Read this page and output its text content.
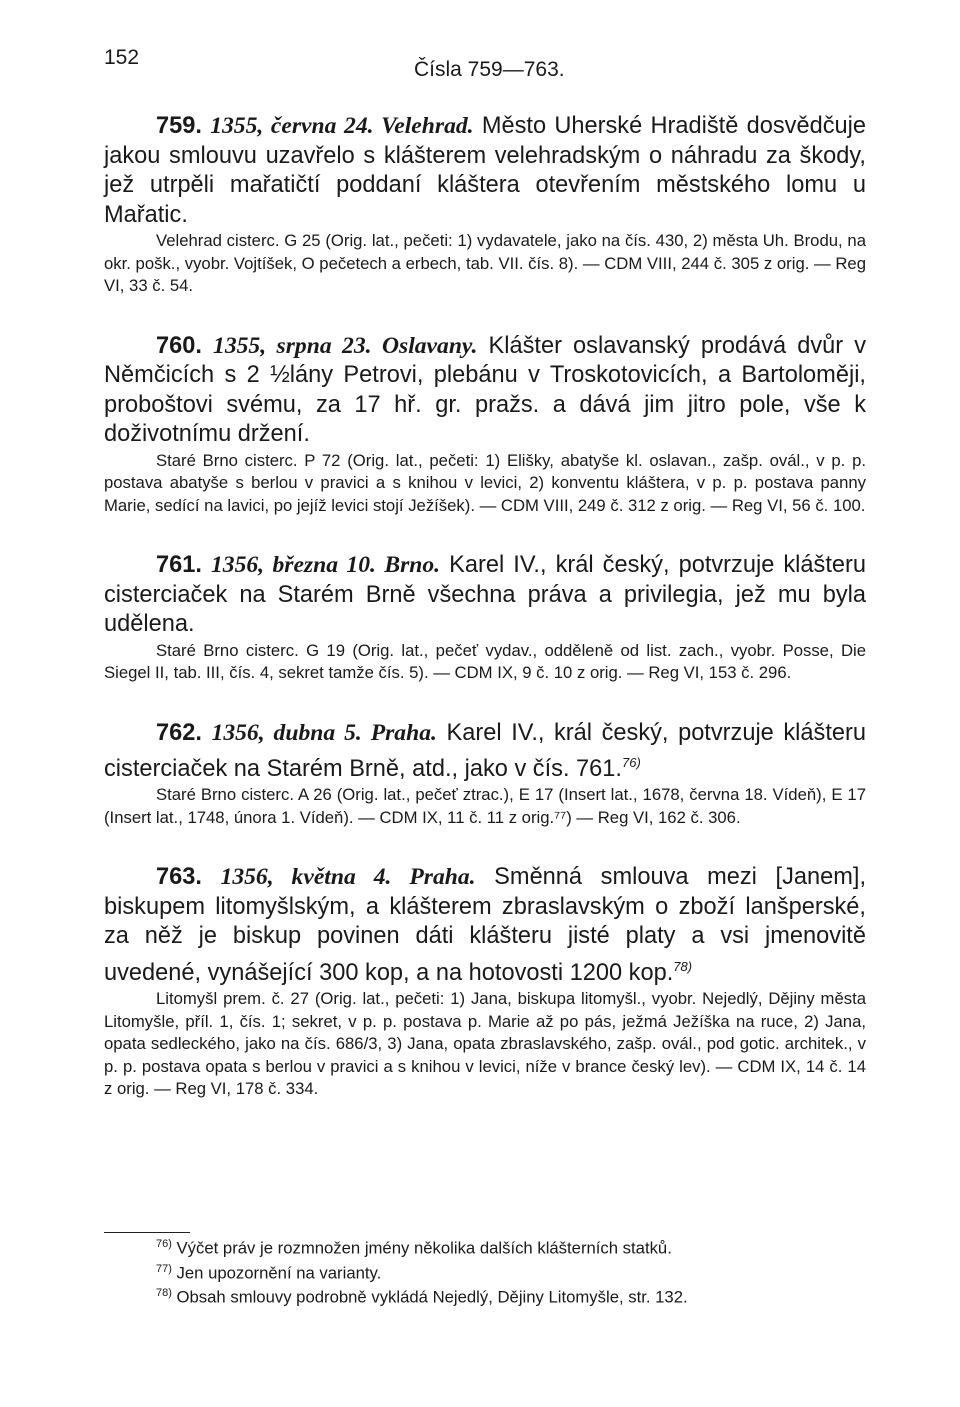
152
Čísla 759—763.

759. 1355, června 24. Velehrad. Město Uherské Hradiště dosvědčuje jakou smlouvu uzavřelo s klášterem velehradským o náhradu za škody, jež utrpěli mařatičtí poddaní kláštera otevřením městského lomu u Mařatic.

Velehrad cisterc. G 25 (Orig. lat., pečeti: 1) vydavatele, jako na čís. 430, 2) města Uh. Brodu, na okr. pošk., vyobr. Vojtíšek, O pečetech a erbech, tab. VII. čís. 8). — CDM VIII, 244 č. 305 z orig. — Reg VI, 33 č. 54.

760. 1355, srpna 23. Oslavany. Klášter oslavanský prodává dvůr v Němčicích s 2 ½lány Petrovi, plebánu v Troskotovicích, a Bartoloměji, proboštovi svému, za 17 hř. gr. pražs. a dává jim jitro pole, vše k doživotnímu držení.

Staré Brno cisterc. P 72 (Orig. lat., pečeti: 1) Elišky, abatyše kl. oslavan., zašp. ovál., v p. p. postava abatyše s berlou v pravici a s knihou v levici, 2) konventu kláštera, v p. p. postava panny Marie, sedící na lavici, po jejíž levici stojí Ježíšek). — CDM VIII, 249 č. 312 z orig. — Reg VI, 56 č. 100.

761. 1356, března 10. Brno. Karel IV., král český, potvrzuje klášteru cisterciaček na Starém Brně všechna práva a privilegia, jež mu byla udělena.

Staré Brno cisterc. G 19 (Orig. lat., pečeť vydav., odděleně od list. zach., vyobr. Posse, Die Siegel II, tab. III, čís. 4, sekret tamže čís. 5). — CDM IX, 9 č. 10 z orig. — Reg VI, 153 č. 296.

762. 1356, dubna 5. Praha. Karel IV., král český, potvrzuje klášteru cisterciaček na Starém Brně, atd., jako v čís. 761.$^{76)}$

Staré Brno cisterc. A 26 (Orig. lat., pečeť ztrac.), E 17 (Insert lat., 1678, června 18. Vídeň), E 17 (Insert lat., 1748, února 1. Vídeň). — CDM IX, 11 č. 11 z orig.⁷⁷) — Reg VI, 162 č. 306.

763. 1356, května 4. Praha. Směnná smlouva mezi [Janem], biskupem litomyšlským, a klášterem zbraslavským o zboží lanšperské, za něž je biskup povinen dáti klášteru jisté platy a vsi jmenovitě uvedené, vynášející 300 kop, a na hotovosti 1200 kop.$^{78)}$

Litomyšl prem. č. 27 (Orig. lat., pečeti: 1) Jana, biskupa litomyšl., vyobr. Nejedlý, Dějiny města Litomyšle, příl. 1, čís. 1; sekret, v p. p. postava p. Marie až po pás, ježmá Ježíška na ruce, 2) Jana, opata sedleckého, jako na čís. 686/3, 3) Jana, opata zbraslavského, zašp. ovál., pod gotic. architek., v p. p. postava opata s berlou v pravici a s knihou v levici, níže v brance český lev). — CDM IX, 14 č. 14 z orig. — Reg VI, 178 č. 334.

$^{76)}$ Výčet práv je rozmnožen jmény několika dalších klášterních statků.

$^{77)}$ Jen upozornění na varianty.

$^{78)}$ Obsah smlouvy podrobně vykládá Nejedlý, Dějiny Litomyšle, str. 132.
